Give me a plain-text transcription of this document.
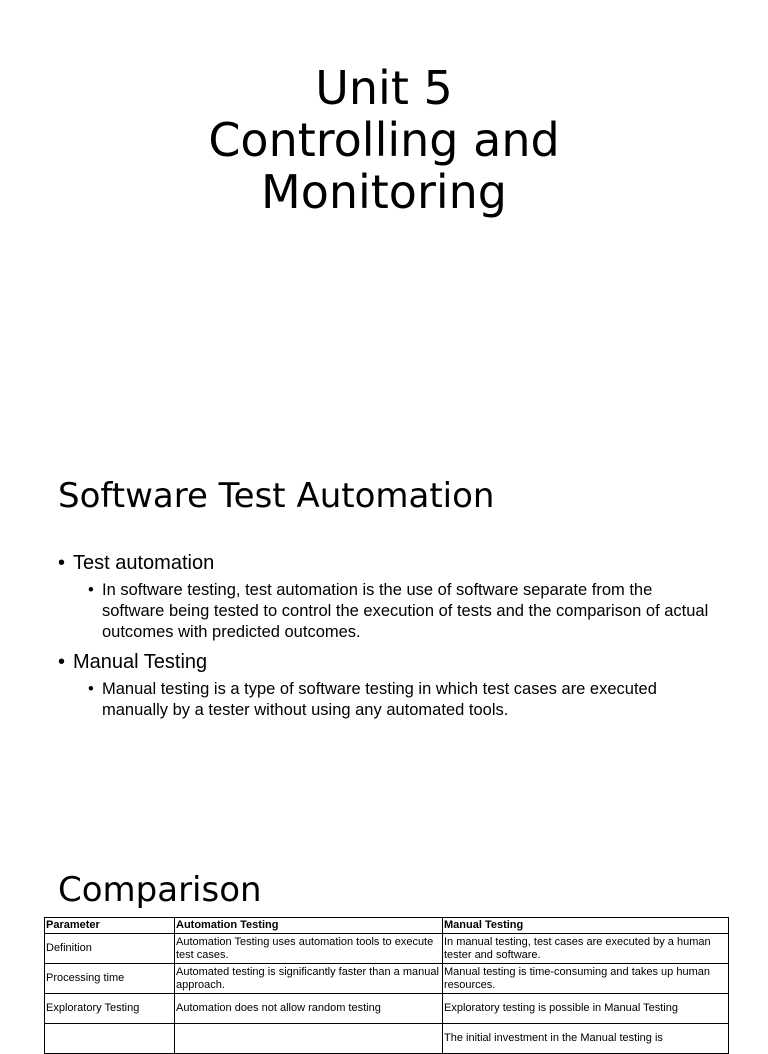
Unit 5
Controlling and
Monitoring
Software Test Automation
• Test automation
• In software testing, test automation is the use of software separate from the software being tested to control the execution of tests and the comparison of actual outcomes with predicted outcomes.
• Manual Testing
• Manual testing is a type of software testing in which test cases are executed manually by a tester without using any automated tools.
Comparison
Parameter	Automation Testing	Manual Testing
Definition	Automation Testing uses automation tools to execute test cases.	In manual testing, test cases are executed by a human tester and software.
Processing time	Automated testing is significantly faster than a manual approach.	Manual testing is time-consuming and takes up human resources.
Exploratory Testing	Automation does not allow random testing	Exploratory testing is possible in Manual Testing
		The initial investment in the Manual testing is
